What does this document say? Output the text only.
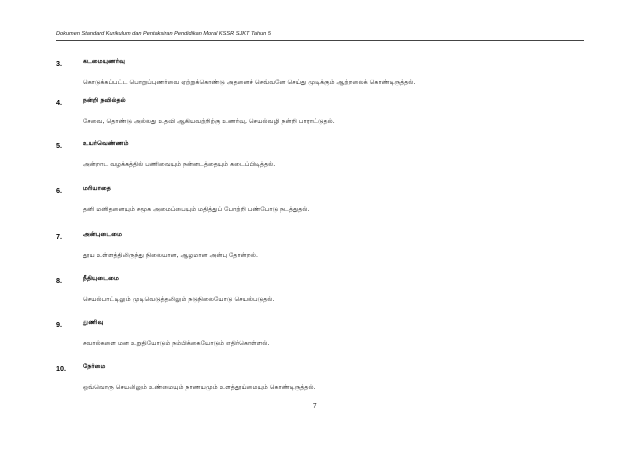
Dokumen Standard Kurikulum dan Pentaksiran Pendidikan Moral KSSR SJKT Tahun 5
3.	கடமையுணர்வு
கொடுக்கப்பட்ட பொறுப்புணர்வை ஏற்றுக்கொண்டு அதனைச் செவ்வனே செய்து முடிக்கும் ஆற்றலைக் கொண்டிருத்தல்.
4.	நன்றி நவில்தல்
சேவை, தொண்டு அல்லது உதவி ஆகியவற்றிற்கு உணர்வு, செயல்வழி நன்றி பாராட்டுதல்.
5.	உயர்வெண்ணம்
அன்றாட வழக்கத்தில் பணிவையும் நன்னடத்தையும் கடைப்பிடித்தல்.
6.	மரியாதை
தனி மனிதனையும் சமூக அமைப்பையும் மதித்துப் போற்றி பண்போடு நடத்துதல்.
7.	அன்புடைமை
தூய உள்ளத்திலிருந்து நிலையான, ஆழமான அன்பு தோன்றல்.
8.	நீதியுடைமை
செயல்பாட்டிலும் முடிவெடுத்தலிலும் நடுநிலையோடு செயல்படுதல்.
9.	துணிவு
சவால்களை மன உறுதியோடும் நம்பிக்கையோடும் எதிர்கொள்ளல்.
10.	நேர்மை
ஒவ்வொரு செயலிலும் உண்மையும் நாணயமும் உளத்தூய்மையும் கொண்டிருத்தல்.
7
